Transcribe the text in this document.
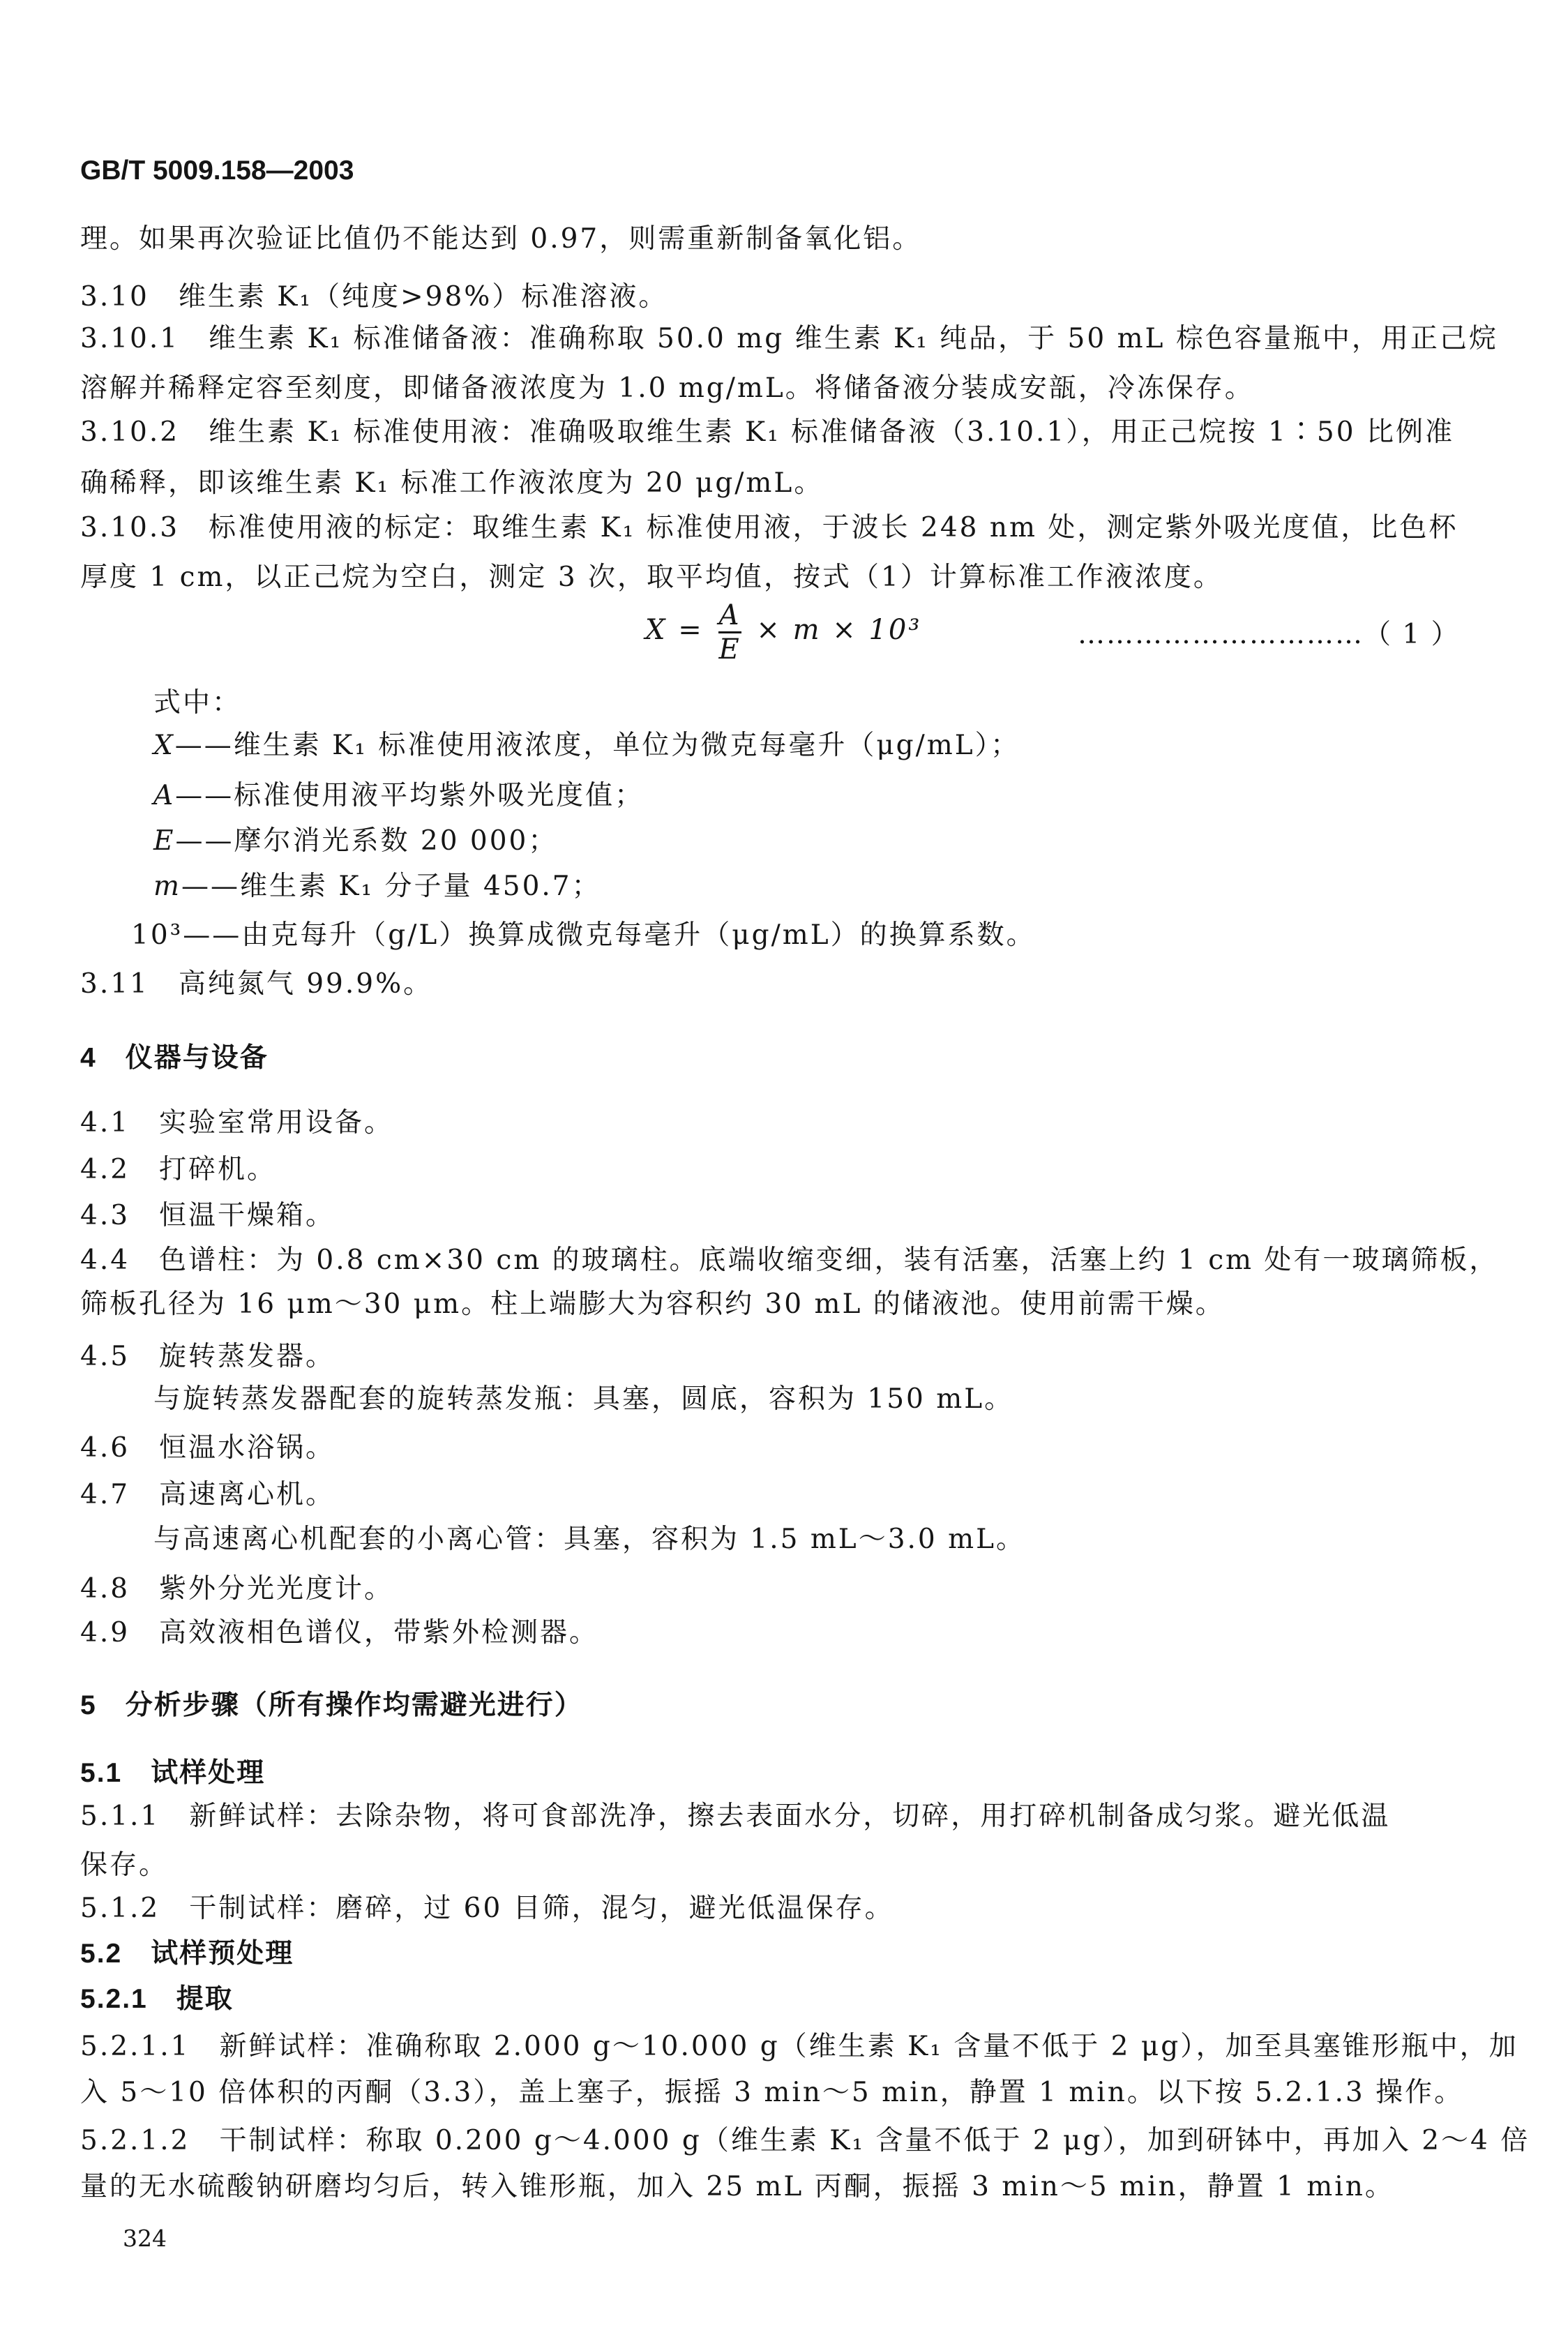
GB/T 5009.158—2003
理。如果再次验证比值仍不能达到 0.97，则需重新制备氧化铝。
3.10　维生素 K₁（纯度>98%）标准溶液。
3.10.1　维生素 K₁ 标准储备液：准确称取 50.0 mg 维生素 K₁ 纯品，于 50 mL 棕色容量瓶中，用正己烷
溶解并稀释定容至刻度，即储备液浓度为 1.0 mg/mL。将储备液分装成安瓿，冷冻保存。
3.10.2　维生素 K₁ 标准使用液：准确吸取维生素 K₁ 标准储备液（3.10.1），用正己烷按 1∶50 比例准
确稀释，即该维生素 K₁ 标准工作液浓度为 20 μg/mL。
3.10.3　标准使用液的标定：取维生素 K₁ 标准使用液，于波长 248 nm 处，测定紫外吸光度值，比色杯
厚度 1 cm，以正己烷为空白，测定 3 次，取平均值，按式（1）计算标准工作液浓度。
$X = \frac{A}{E} \times m \times 10^3$	…………………………（ 1 ）
式中：
X——维生素 K₁ 标准使用液浓度，单位为微克每毫升（μg/mL）；
A——标准使用液平均紫外吸光度值；
E——摩尔消光系数 20 000；
m——维生素 K₁ 分子量 450.7；
10³——由克每升（g/L）换算成微克每毫升（μg/mL）的换算系数。
3.11　高纯氮气 99.9%。
4　仪器与设备
4.1　实验室常用设备。
4.2　打碎机。
4.3　恒温干燥箱。
4.4　色谱柱：为 0.8 cm×30 cm 的玻璃柱。底端收缩变细，装有活塞，活塞上约 1 cm 处有一玻璃筛板，
筛板孔径为 16 μm～30 μm。柱上端膨大为容积约 30 mL 的储液池。使用前需干燥。
4.5　旋转蒸发器。
与旋转蒸发器配套的旋转蒸发瓶：具塞，圆底，容积为 150 mL。
4.6　恒温水浴锅。
4.7　高速离心机。
与高速离心机配套的小离心管：具塞，容积为 1.5 mL～3.0 mL。
4.8　紫外分光光度计。
4.9　高效液相色谱仪，带紫外检测器。
5　分析步骤（所有操作均需避光进行）
5.1　试样处理
5.1.1　新鲜试样：去除杂物，将可食部洗净，擦去表面水分，切碎，用打碎机制备成匀浆。避光低温
保存。
5.1.2　干制试样：磨碎，过 60 目筛，混匀，避光低温保存。
5.2　试样预处理
5.2.1　提取
5.2.1.1　新鲜试样：准确称取 2.000 g～10.000 g（维生素 K₁ 含量不低于 2 μg），加至具塞锥形瓶中，加
入 5～10 倍体积的丙酮（3.3），盖上塞子，振摇 3 min～5 min，静置 1 min。以下按 5.2.1.3 操作。
5.2.1.2　干制试样：称取 0.200 g～4.000 g（维生素 K₁ 含量不低于 2 μg），加到研钵中，再加入 2～4 倍
量的无水硫酸钠研磨均匀后，转入锥形瓶，加入 25 mL 丙酮，振摇 3 min～5 min，静置 1 min。
324
